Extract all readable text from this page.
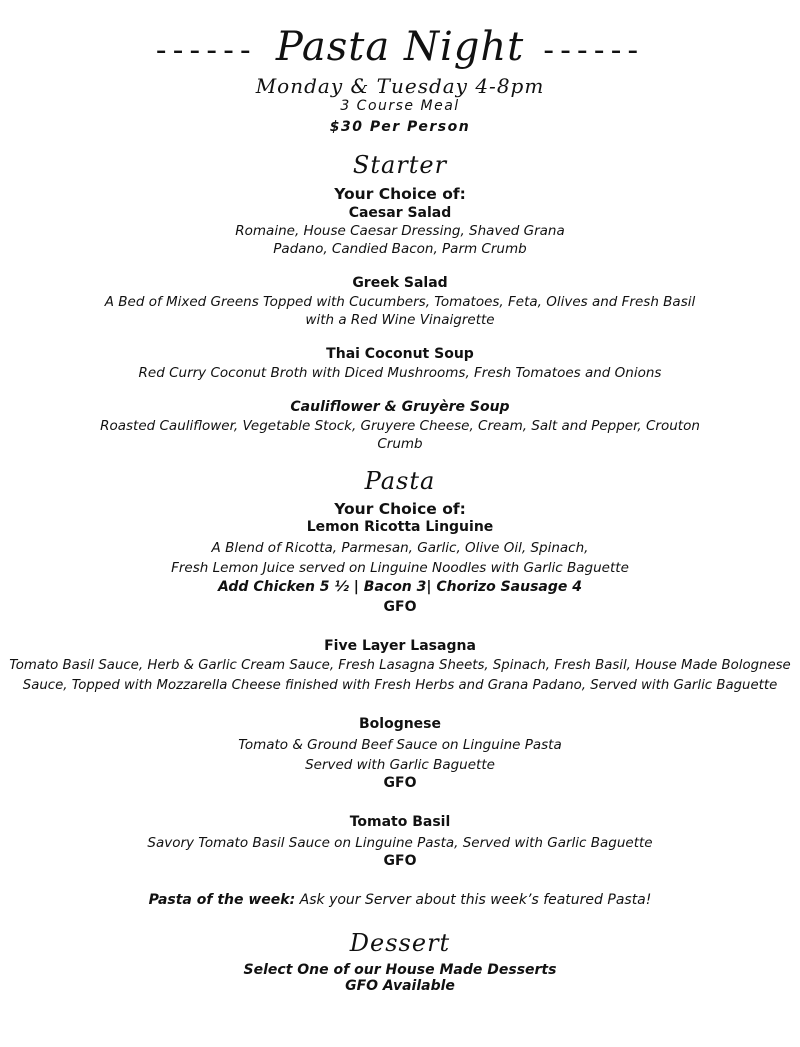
------ Pasta Night ------
Monday & Tuesday 4-8pm
3 Course Meal
$30 Per Person
Starter
Your Choice of:
Caesar Salad
Romaine, House Caesar Dressing, Shaved Grana
Padano, Candied Bacon, Parm Crumb
Greek Salad
A Bed of Mixed Greens Topped with Cucumbers, Tomatoes, Feta, Olives and Fresh Basil
with a Red Wine Vinaigrette
Thai Coconut Soup
Red Curry Coconut Broth with Diced Mushrooms, Fresh Tomatoes and Onions
Cauliflower & Gruyère Soup
Roasted Cauliflower, Vegetable Stock, Gruyere Cheese, Cream, Salt and Pepper, Crouton
Crumb
Pasta
Your Choice of:
Lemon Ricotta Linguine
A Blend of Ricotta, Parmesan, Garlic, Olive Oil, Spinach,
Fresh Lemon Juice served on Linguine Noodles with Garlic Baguette
Add Chicken 5 ½ | Bacon 3| Chorizo Sausage 4
GFO
Five Layer Lasagna
Tomato Basil Sauce, Herb & Garlic Cream Sauce, Fresh Lasagna Sheets, Spinach, Fresh Basil, House Made Bolognese
Sauce, Topped with Mozzarella Cheese finished with Fresh Herbs and Grana Padano, Served with Garlic Baguette
Bolognese
Tomato & Ground Beef Sauce on Linguine Pasta
Served with Garlic Baguette
GFO
Tomato Basil
Savory Tomato Basil Sauce on Linguine Pasta, Served with Garlic Baguette
GFO
Pasta of the week: Ask your Server about this week’s featured Pasta!
Dessert
Select One of our House Made Desserts
GFO Available
